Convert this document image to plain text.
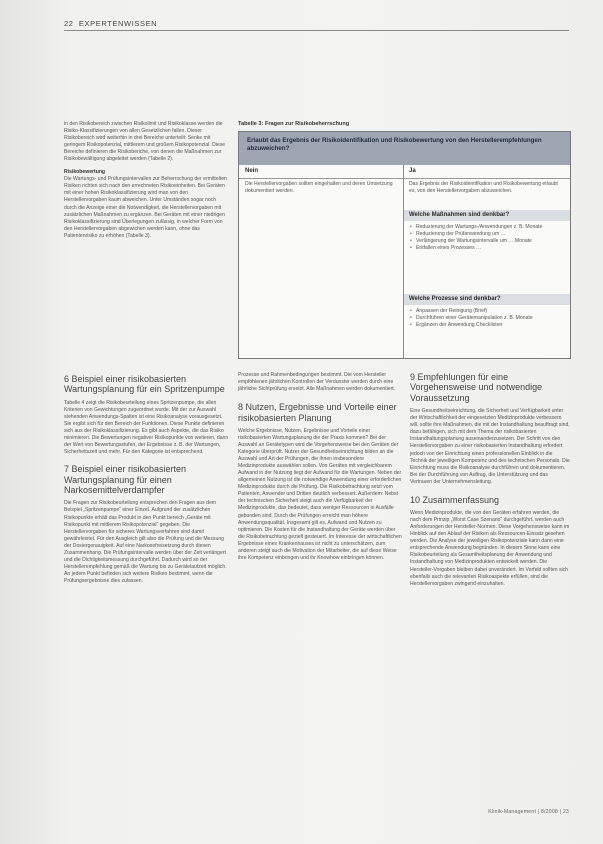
22 EXPERTENWISSEN

in den Risikobereich zwischen Risikolimit und Risikoklasse werden die Risiko-Klassifizierungen von allen Gesetzlichen fallen. Dieser Risikobereich wird weiterhin in drei Bereiche unterteilt: Senke mit geringem Risikopotenzial, mittlerem und großem Risikopotenzial. Diese Bereiche definieren die Risikoberiche, von denen die Maßnahmen zur Risikobewältigung abgeleitet werden (Tabelle 2).

Risikobewertung

Die Wartungs- und Prüfungsintervallen zur Beherrschung der ermittelten Risiken richten sich nach den errechneten Risikoeinheiten. Bei Geräten mit einer hohen Risikoklassifizierung wird man von den Herstellervorgaben kaum abweichen. Unter Umständen sogar noch durch die Anzeige einer die Notwendigkeit, die Herstellervorgaben mit zusätzlichen Maßnahmen zu ergänzen. Bei Geräten mit einer niedrigen Risikoklassifizierung sind Überlegungen zulässig, in welcher Form von den Herstellervorgaben abgewichen werden kann, ohne das Patientenrisiko zu erhöhen (Tabelle 3).

6 Beispiel einer risikobasierten Wartungsplanung für ein Spritzenpumpe

Tabelle 4 zeigt die Risikobeurteilung eines Spritzenpumpe, die allen Kriterien von Gewichtungen zugeordnet wurde. Mit der zur Auswahl stehenden Anwendungs-Spalten ist eine Risikoanalyse vorausgesetzt. Sie ergibt sich für den Bereich der Funktionen. Diese Punkte definieren sich aus der Risikoklassifizierung. Es gibt auch Aspekte, die das Risiko minimieren. Die Bewertungen negativer Risikopunkte von weiteren, dann der Wert von Bewertungsstufen, der Ergebnisse z. B. der Wartungen, Sicherheitszeit und mehr. Für den Kategorie ist entsprechend.

7 Beispiel einer risikobasierten Wartungsplanung für einen Narkosemittelverdampfer

Die Fragen zur Risikobeurteilung entsprechen den Fragen aus dem Beispiel „Spritzenpumpe“ einer Einzel. Aufgrund der zusätzlichen Risikopunkte erhält das Produkt in den Punkt bereich „Geräte mit Risikopunkt mit mittlerem Risikopotenzial“ gegeben. Die Herstellervorgaben für sicheres Wartungsverfahren sind damit gewährleistet. Für den Ausgleich gilt also die Prüfung und die Messung der Dosiergenauigkeit. Auf eine Narkosefreisetzung durch diesen Zusammenhang. Die Prüfungsintervalle werden über der Zeit verlängert und die Dichtigkeitsmessung durchgeführt. Dadurch wird so der Herstellerempfehlung gemäß die Wartung bis zu Gerätelaufzeit möglich. An jedem Punkt befinden sich weitere Risiken bestimmt, wenn die Prüfungsergebnisse dies zulassen.

Tabelle 3: Fragen zur Risikobeherrschung
Erlaubt das Ergebnis der Risikoidentifikation und Risikobewertung von den Herstellerempfehlungen abzuweichen?
Nein
Die Herstellervorgaben sollten eingehalten und deren Umsetzung dokumentiert werden.
Ja
Das Ergebnis der Risikoidentifikation und Risikobewertung erlaubt es, von den Herstellervorgaben abzuweichen.
Welche Maßnahmen sind denkbar?
• Reduzierung der Wartungs-/Anwendungen z. B. Monate
• Reduzierung der Prüfanwendung um …
• Verlängerung der Wartungsintervalle um … Monate
• Entfallen eines Prozesses …
Welche Prozesse sind denkbar?
• Anpassen der Reinigung (Brief)
• Durchführen einer Gerätemanipulation z. B. Monate
• Ergänzen der Anwendung Checklisten

Prozesse und Rahmenbedingungen bestimmt. Die vom Hersteller empfohlenen jährlichen Kontrollen der Verdunster werden durch eine jährliche Sichtprüfung ersetzt. Alle Maßnahmen werden dokumentiert.

8 Nutzen, Ergebnisse und Vorteile einer risikobasierten Planung

Welche Ergebnisse, Nutzen, Ergebnisse und Vorteile einer risikobasierten Wartungsplanung die der Praxis kommen? Bei der Auswahl an Gerätetypen wird die Vorgehensweise bei den Geräten der Kategorie überprüft. Nutzer der Gesundheitseinrichtung bilden an die Auswahl und Art der Prüfungen, die ihnen insbesondere Medizinprodukte auswählen sollen. Von Geräten mit vergleichbarem Aufwand in der Nutzung liegt der Aufwand für die Wartungen. Neben der allgemeinen Nutzung ist die notwendige Anwendung einer erforderlichen Medizinprodukte durch die Prüfung. Die Risikobetrachtung setzt vom Patienten, Anwender und Dritten deutlich verbessert. Außerdem: Nebst der technischen Sicherheit steigt auch die Verfügbarkeit der Medizinprodukte, das bedeutet, dass weniger Ressourcen in Ausfälle gebunden sind. Durch die Prüfungen erreicht man höhere Anwendungsqualität. Insgesamt gilt es, Aufwand und Nutzen zu optimieren. Die Kosten für die Instandhaltung der Geräte werden über die Risikobetrachtung gezielt gesteuert. Im Interesse der wirtschaftlichen Ergebnisse eines Krankenhauses ist nicht zu unterschätzen, zum anderen steigt auch die Motivation der Mitarbeiter, die auf diese Weise ihre Kompetenz einbringen und ihr Knowhow einbringen können.

9 Empfehlungen für eine Vorgehensweise und notwendige Voraussetzung

Eine Gesundheitseinrichtung, die Sicherheit und Verfügbarkeit unter der Wirtschaftlichkeit der eingesetzten Medizinprodukte verbessern will, sollte ihre Maßnahmen, die mit der Instandhaltung beauftragt sind, dazu befähigen, sich mit dem Thema der risikobasierten Instandhaltungsplanung auseinanderzusetzen. Der Schritt von den Herstellervorgaben zu einer risikobasierten Instandhaltung erfordert jedoch von der Einrichtung einen professionellen Einblick in die Technik der jeweiligen Kompetenz und des technischen Personals. Die Einrichtung muss die Risikoanalyse durchführen und dokumentieren. Bei der Durchführung von Auftrag, die Unterstützung und das Vertrauen der Unternehmensleitung.

10 Zusammenfassung

Wenn Medizinprodukte, die von den Geräten erfahren werden, die nach dem Prinzip „Worst Case Szenario“ durchgeführt, werden auch Anforderungen der Hersteller-Normen. Diese Vorgehensweise kann im Hinblick auf den Ablauf der Risiken als Ressourcen-Einsatz gesehen werden. Die Analyse der jeweiligen Risikopotenziale kann dann eine entsprechende Anwendung begründen. In diesem Sinne kann eine Risikobeurteilung als Gesamtheitsplanung der Anwendung und Instandhaltung von Medizinprodukten entwickelt werden. Die Hersteller-Vorgaben bleiben dabei unverändert. Im Vorfeld sollten sich ebenfalls auch die relevanten Risikoaspekte erfüllen, sind die Herstellervorgaben zwingend einzuhalten.

Klinik-Management | 8/2008 | 23
